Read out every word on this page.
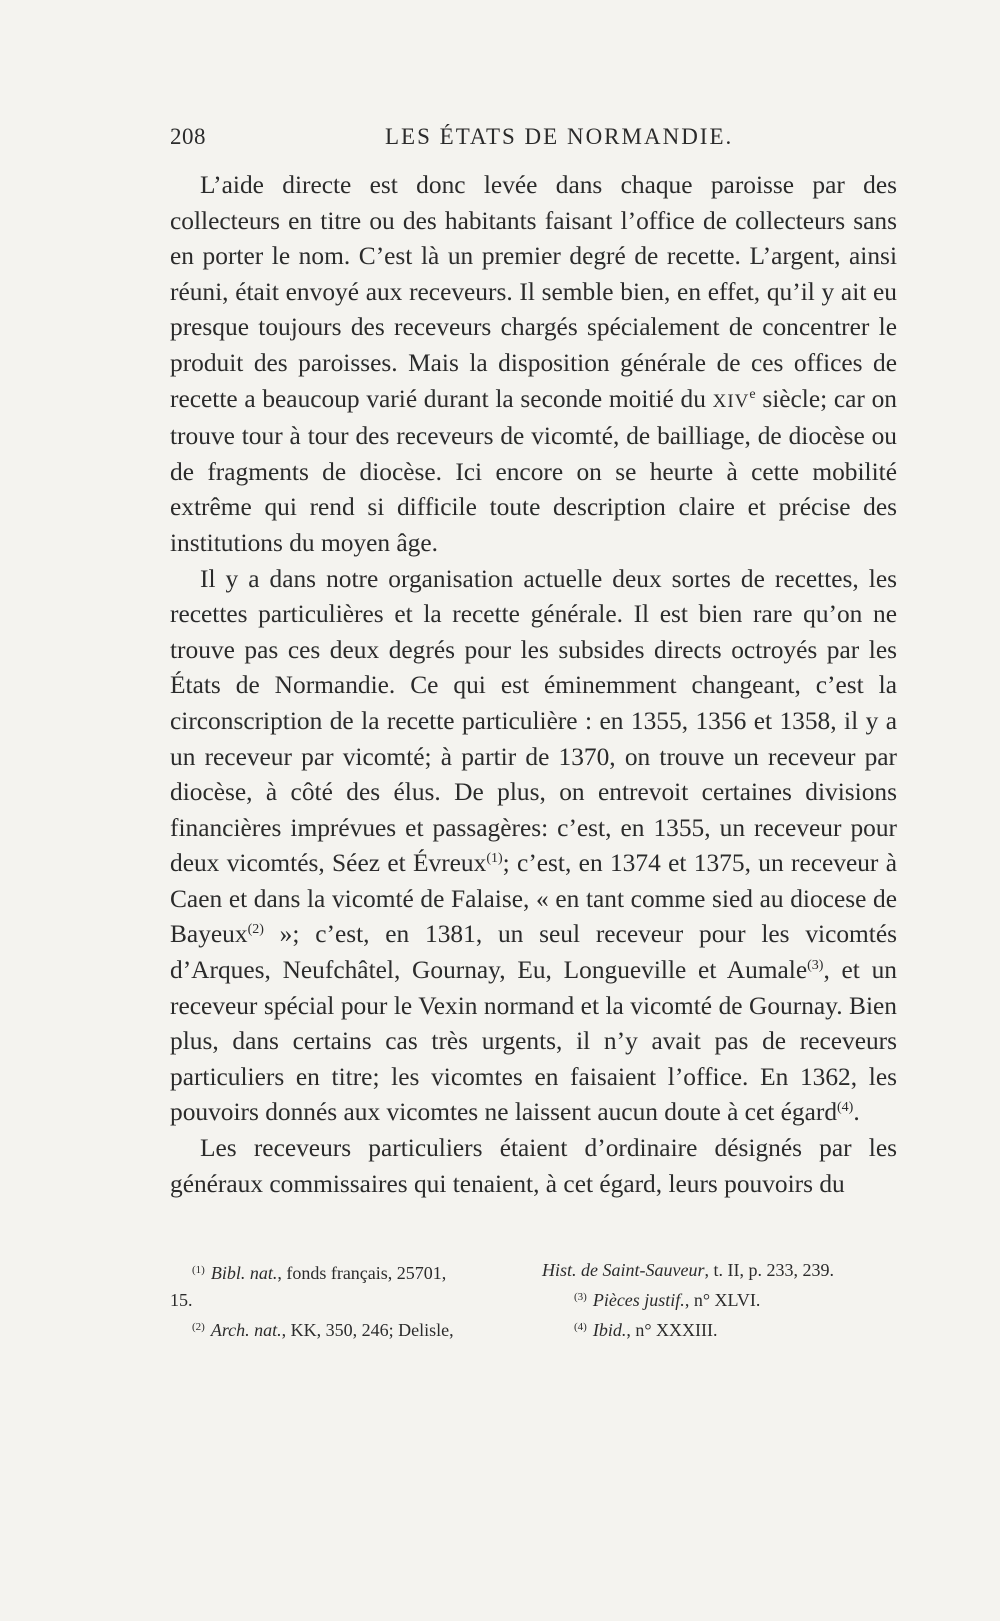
208	LES ÉTATS DE NORMANDIE.

L’aide directe est donc levée dans chaque paroisse par des collecteurs en titre ou des habitants faisant l’office de collecteurs sans en porter le nom. C’est là un premier degré de recette. L’argent, ainsi réuni, était envoyé aux receveurs. Il semble bien, en effet, qu’il y ait eu presque toujours des receveurs chargés spécialement de concentrer le produit des paroisses. Mais la disposition générale de ces offices de recette a beaucoup varié durant la seconde moitié du XIVe siècle; car on trouve tour à tour des receveurs de vicomté, de bailliage, de diocèse ou de fragments de diocèse. Ici encore on se heurte à cette mobilité extrême qui rend si difficile toute description claire et précise des institutions du moyen âge.

Il y a dans notre organisation actuelle deux sortes de recettes, les recettes particulières et la recette générale. Il est bien rare qu’on ne trouve pas ces deux degrés pour les subsides directs octroyés par les États de Normandie. Ce qui est éminemment changeant, c’est la circonscription de la recette particulière : en 1355, 1356 et 1358, il y a un receveur par vicomté; à partir de 1370, on trouve un receveur par diocèse, à côté des élus. De plus, on entrevoit certaines divisions financières imprévues et passagères: c’est, en 1355, un receveur pour deux vicomtés, Séez et Évreux$^{(1)}$; c’est, en 1374 et 1375, un receveur à Caen et dans la vicomté de Falaise, « en tant comme sied au diocese de Bayeux$^{(2)}$ »; c’est, en 1381, un seul receveur pour les vicomtés d’Arques, Neufchâtel, Gournay, Eu, Longueville et Aumale$^{(3)}$, et un receveur spécial pour le Vexin normand et la vicomté de Gournay. Bien plus, dans certains cas très urgents, il n’y avait pas de receveurs particuliers en titre; les vicomtes en faisaient l’office. En 1362, les pouvoirs donnés aux vicomtes ne laissent aucun doute à cet égard$^{(4)}$.

Les receveurs particuliers étaient d’ordinaire désignés par les généraux commissaires qui tenaient, à cet égard, leurs pouvoirs du

$^{(1)}$ Bibl. nat., fonds français, 25701,
15.
$^{(2)}$ Arch. nat., KK, 350, 246; Delisle,
Hist. de Saint-Sauveur, t. II, p. 233, 239.
$^{(3)}$ Pièces justif., n° XLVI.
$^{(4)}$ Ibid., n° XXXIII.
